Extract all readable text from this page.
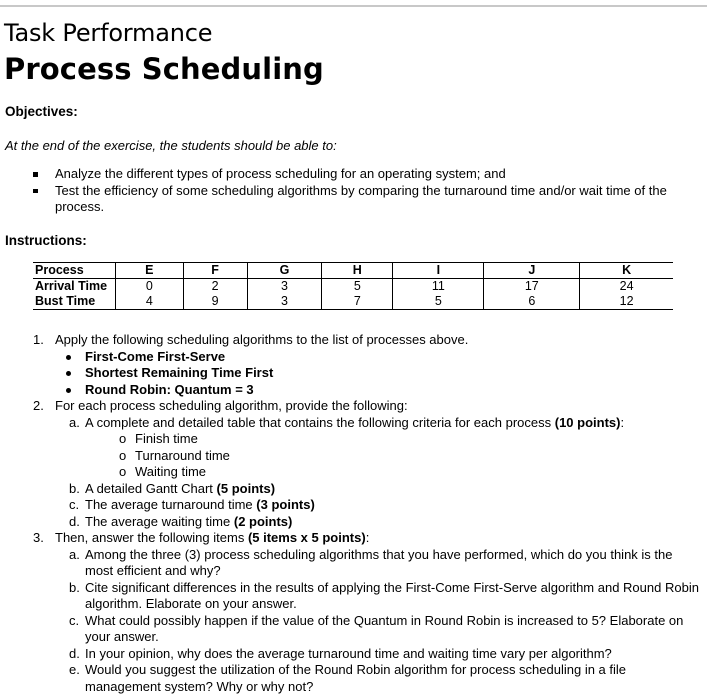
Task Performance
Process Scheduling
Objectives:
At the end of the exercise, the students should be able to:
Analyze the different types of process scheduling for an operating system; and
Test the efficiency of some scheduling algorithms by comparing the turnaround time and/or wait time of the process.
Instructions:
Process	E	F	G	H	I	J	K
Arrival Time	0	2	3	5	11	17	24
Bust Time	4	9	3	7	5	6	12
1. Apply the following scheduling algorithms to the list of processes above.
First-Come First-Serve
Shortest Remaining Time First
Round Robin: Quantum = 3
2. For each process scheduling algorithm, provide the following:
a. A complete and detailed table that contains the following criteria for each process (10 points):
o Finish time
o Turnaround time
o Waiting time
b. A detailed Gantt Chart (5 points)
c. The average turnaround time (3 points)
d. The average waiting time (2 points)
3. Then, answer the following items (5 items x 5 points):
a. Among the three (3) process scheduling algorithms that you have performed, which do you think is the most efficient and why?
b. Cite significant differences in the results of applying the First-Come First-Serve algorithm and Round Robin algorithm. Elaborate on your answer.
c. What could possibly happen if the value of the Quantum in Round Robin is increased to 5? Elaborate on your answer.
d. In your opinion, why does the average turnaround time and waiting time vary per algorithm?
e. Would you suggest the utilization of the Round Robin algorithm for process scheduling in a file management system? Why or why not?
